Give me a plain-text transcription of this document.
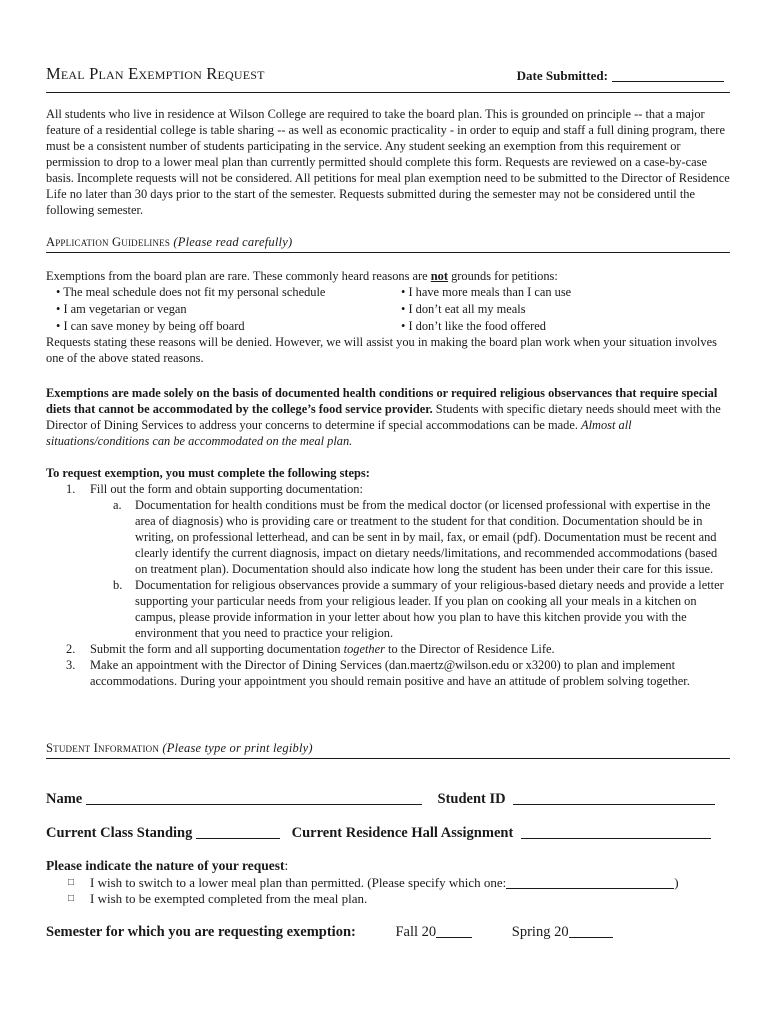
Meal Plan Exemption Request	Date Submitted:

All students who live in residence at Wilson College are required to take the board plan. This is grounded on principle -- that a major feature of a residential college is table sharing -- as well as economic practicality - in order to equip and staff a full dining program, there must be a consistent number of students participating in the service. Any student seeking an exemption from this requirement or permission to drop to a lower meal plan than currently permitted should complete this form. Requests are reviewed on a case-by-case basis. Incomplete requests will not be considered. All petitions for meal plan exemption need to be submitted to the Director of Residence Life no later than 30 days prior to the start of the semester. Requests submitted during the semester may not be considered until the following semester.

Application Guidelines (Please read carefully)

Exemptions from the board plan are rare. These commonly heard reasons are not grounds for petitions:

• The meal schedule does not fit my personal schedule
• I am vegetarian or vegan
• I can save money by being off board
• I have more meals than I can use
• I don’t eat all my meals
• I don’t like the food offered

Requests stating these reasons will be denied. However, we will assist you in making the board plan work when your situation involves one of the above stated reasons.

Exemptions are made solely on the basis of documented health conditions or required religious observances that require special diets that cannot be accommodated by the college’s food service provider. Students with specific dietary needs should meet with the Director of Dining Services to address your concerns to determine if special accommodations can be made. Almost all situations/conditions can be accommodated on the meal plan.

To request exemption, you must complete the following steps:

1. Fill out the form and obtain supporting documentation:
a. Documentation for health conditions must be from the medical doctor (or licensed professional with expertise in the area of diagnosis) who is providing care or treatment to the student for that condition. Documentation should be in writing, on professional letterhead, and can be sent in by mail, fax, or email (pdf). Documentation must be recent and clearly identify the current diagnosis, impact on dietary needs/limitations, and recommended accommodations (based on treatment plan). Documentation should also indicate how long the student has been under their care for this issue.
b. Documentation for religious observances provide a summary of your religious-based dietary needs and provide a letter supporting your particular needs from your religious leader. If you plan on cooking all your meals in a kitchen on campus, please provide information in your letter about how you plan to have this kitchen provide you with the environment that you need to practice your religion.
2. Submit the form and all supporting documentation together to the Director of Residence Life.
3. Make an appointment with the Director of Dining Services (dan.maertz@wilson.edu or x3200) to plan and implement accommodations. During your appointment you should remain positive and have an attitude of problem solving together.
Student Information (Please type or print legibly)
Name	Student ID
Current Class Standing	Current Residence Hall Assignment
Please indicate the nature of your request:
□ I wish to switch to a lower meal plan than permitted. (Please specify which one:	)
□ I wish to be exempted completed from the meal plan.
Semester for which you are requesting exemption:	Fall 20	Spring 20
